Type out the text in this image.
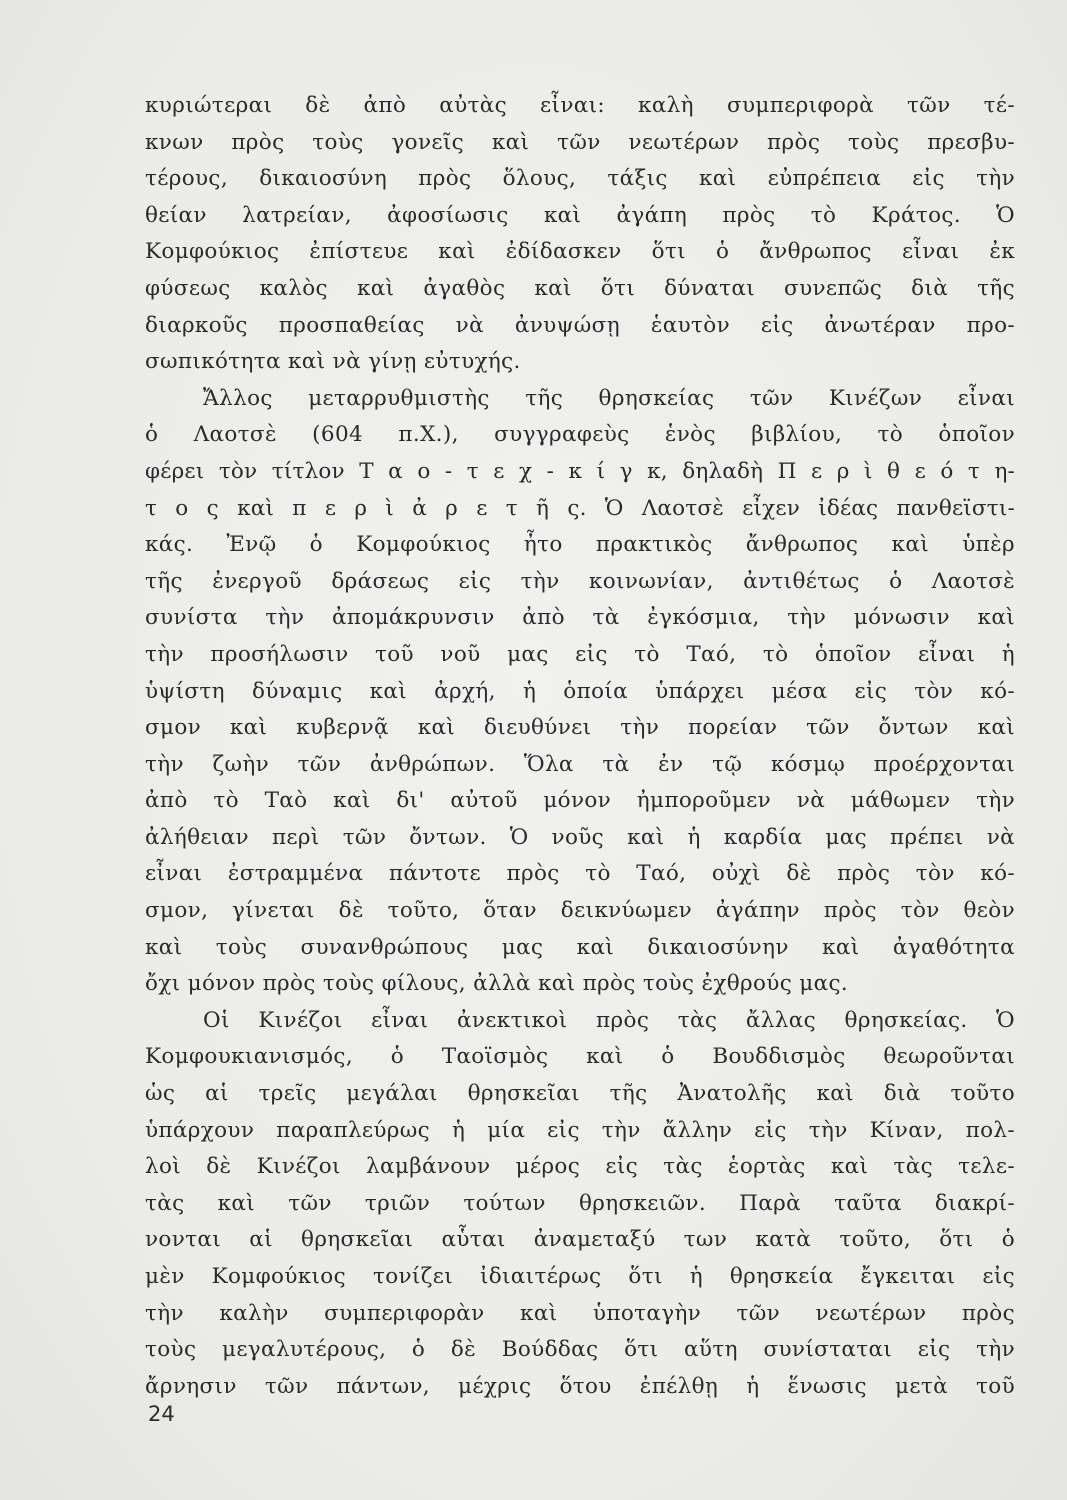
κυριώτεραι δὲ ἀπὸ αὐτὰς εἶναι: καλὴ συμπεριφορὰ τῶν τέ-
κνων πρὸς τοὺς γονεῖς καὶ τῶν νεωτέρων πρὸς τοὺς πρεσβυ-
τέρους, δικαιοσύνη πρὸς ὅλους, τάξις καὶ εὐπρέπεια εἰς τὴν
θείαν λατρείαν, ἀφοσίωσις καὶ ἀγάπη πρὸς τὸ Κράτος. Ὁ
Κομφούκιος ἐπίστευε καὶ ἐδίδασκεν ὅτι ὁ ἄνθρωπος εἶναι ἐκ
φύσεως καλὸς καὶ ἀγαθὸς καὶ ὅτι δύναται συνεπῶς διὰ τῆς
διαρκοῦς προσπαθείας νὰ ἀνυψώσῃ ἑαυτὸν εἰς ἀνωτέραν προ-
σωπικότητα καὶ νὰ γίνῃ εὐτυχής.
Ἄλλος μεταρρυθμιστὴς τῆς θρησκείας τῶν Κινέζων εἶναι
ὁ Λαοτσὲ (604 π.Χ.), συγγραφεὺς ἑνὸς βιβλίου, τὸ ὁποῖον
φέρει τὸν τίτλον Τ α ο - τ ε χ - κ ί γ κ, δηλαδὴ Π ε ρ ὶ θ ε ό τ η-
τ ο ς καὶ π ε ρ ὶ ἀ ρ ε τ ῆ ς. Ὁ Λαοτσὲ εἶχεν ἰδέας πανθεϊστι-
κάς. Ἐνῷ ὁ Κομφούκιος ἦτο πρακτικὸς ἄνθρωπος καὶ ὑπὲρ
τῆς ἐνεργοῦ δράσεως εἰς τὴν κοινωνίαν, ἀντιθέτως ὁ Λαοτσὲ
συνίστα τὴν ἀπομάκρυνσιν ἀπὸ τὰ ἐγκόσμια, τὴν μόνωσιν καὶ
τὴν προσήλωσιν τοῦ νοῦ μας εἰς τὸ Ταό, τὸ ὁποῖον εἶναι ἡ
ὑψίστη δύναμις καὶ ἀρχή, ἡ ὁποία ὑπάρχει μέσα εἰς τὸν κό-
σμον καὶ κυβερνᾷ καὶ διευθύνει τὴν πορείαν τῶν ὄντων καὶ
τὴν ζωὴν τῶν ἀνθρώπων. Ὅλα τὰ ἐν τῷ κόσμῳ προέρχονται
ἀπὸ τὸ Ταὸ καὶ δι' αὐτοῦ μόνον ἠμποροῦμεν νὰ μάθωμεν τὴν
ἀλήθειαν περὶ τῶν ὄντων. Ὁ νοῦς καὶ ἡ καρδία μας πρέπει νὰ
εἶναι ἐστραμμένα πάντοτε πρὸς τὸ Ταό, οὐχὶ δὲ πρὸς τὸν κό-
σμον, γίνεται δὲ τοῦτο, ὅταν δεικνύωμεν ἀγάπην πρὸς τὸν θεὸν
καὶ τοὺς συνανθρώπους μας καὶ δικαιοσύνην καὶ ἀγαθότητα
ὄχι μόνον πρὸς τοὺς φίλους, ἀλλὰ καὶ πρὸς τοὺς ἐχθρούς μας.
Οἱ Κινέζοι εἶναι ἀνεκτικοὶ πρὸς τὰς ἄλλας θρησκείας. Ὁ
Κομφουκιανισμός, ὁ Ταοϊσμὸς καὶ ὁ Βουδδισμὸς θεωροῦνται
ὡς αἱ τρεῖς μεγάλαι θρησκεῖαι τῆς Ἀνατολῆς καὶ διὰ τοῦτο
ὑπάρχουν παραπλεύρως ἡ μία εἰς τὴν ἄλλην εἰς τὴν Κίναν, πολ-
λοὶ δὲ Κινέζοι λαμβάνουν μέρος εἰς τὰς ἑορτὰς καὶ τὰς τελε-
τὰς καὶ τῶν τριῶν τούτων θρησκειῶν. Παρὰ ταῦτα διακρί-
νονται αἱ θρησκεῖαι αὗται ἀναμεταξύ των κατὰ τοῦτο, ὅτι ὁ
μὲν Κομφούκιος τονίζει ἰδιαιτέρως ὅτι ἡ θρησκεία ἔγκειται εἰς
τὴν καλὴν συμπεριφορὰν καὶ ὑποταγὴν τῶν νεωτέρων πρὸς
τοὺς μεγαλυτέρους, ὁ δὲ Βούδδας ὅτι αὕτη συνίσταται εἰς τὴν
ἄρνησιν τῶν πάντων, μέχρις ὅτου ἐπέλθῃ ἡ ἕνωσις μετὰ τοῦ
24
